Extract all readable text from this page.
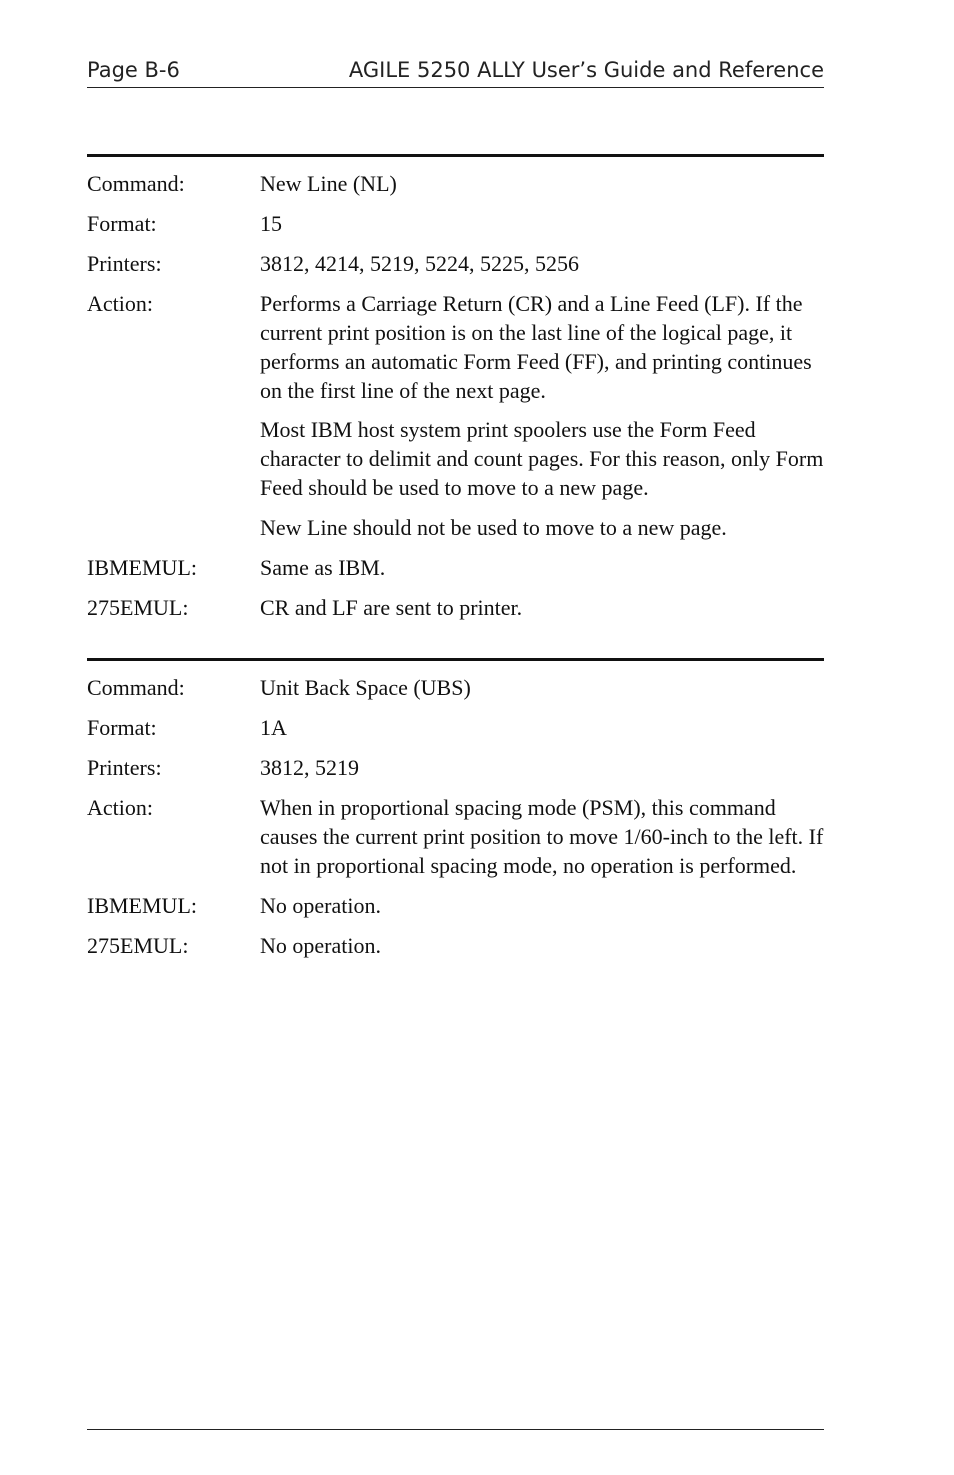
Page B-6	AGILE 5250 ALLY User’s Guide and Reference
Command:	New Line (NL)
Format:	15
Printers:	3812, 4214, 5219, 5224, 5225, 5256
Action:	Performs a Carriage Return (CR) and a Line Feed (LF). If the current print position is on the last line of the logical page, it performs an automatic Form Feed (FF), and printing continues on the first line of the next page.

Most IBM host system print spoolers use the Form Feed character to delimit and count pages. For this reason, only Form Feed should be used to move to a new page.

New Line should not be used to move to a new page.

IBMEMUL:	Same as IBM.
275EMUL:	CR and LF are sent to printer.
Command:	Unit Back Space (UBS)
Format:	1A
Printers:	3812, 5219
Action:	When in proportional spacing mode (PSM), this command causes the current print position to move 1/60-inch to the left. If not in proportional spacing mode, no operation is performed.

IBMEMUL:	No operation.
275EMUL:	No operation.
